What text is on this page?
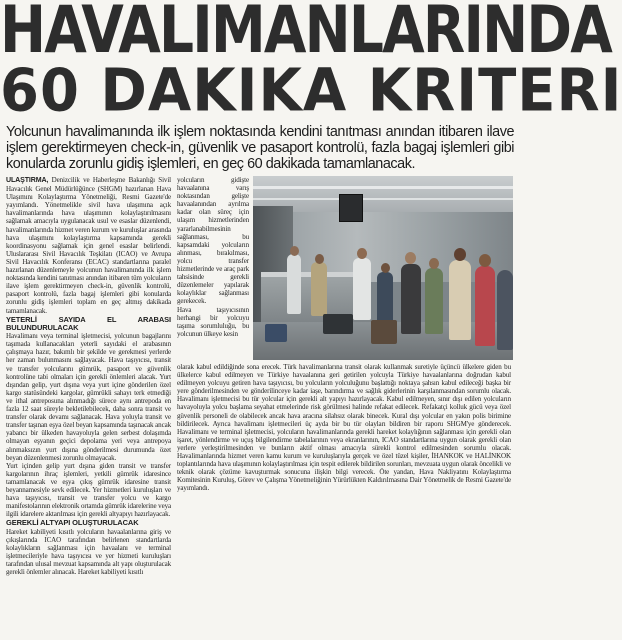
HAVALIMANLARINDA
60 DAKIKA KRITERI

Yolcunun havalimanında ilk işlem noktasında kendini tanıtması anından itibaren ilave işlem gerektirmeyen check-in, güvenlik ve pasaport kontrolü, fazla bagaj işlemleri gibi konularda zorunlu gidiş işlemleri, en geç 60 dakikada tamamlanacak.

ULAŞTIRMA, Denizcilik ve Haberleşme Bakanlığı Sivil Havacılık Genel Müdürlüğünce (SHGM) hazırlanan Hava Ulaşımını Kolaylaştırma Yönetmeliği, Resmi Gazete'de yayımlandı. Yönetmelikle sivil hava ulaşımına açık havalimanlarında hava ulaşımının kolaylaştırılmasını sağlamak amacıyla uygulanacak usul ve esaslar düzenlendi, havalimanlarında hizmet veren kurum ve kuruluşlar arasında hava ulaşımını kolaylaştırma kapsamında gerekli koordinasyonu sağlamak için genel esaslar belirlendi. Uluslararası Sivil Havacılık Teşkilatı (ICAO) ve Avrupa Sivil Havacılık Konferansı (ECAC) standartlarına paralel hazırlanan düzenlemeyle yolcunun havalimanında ilk işlem noktasında kendini tanıtması anından itibaren tüm yolcuların ilave işlem gerektirmeyen check-in, güvenlik kontrolü, pasaport kontrolü, fazla bagaj işlemleri gibi konularda zorunlu gidiş işlemleri toplam en geç altmış dakikada tamamlanacak.

YETERLİ SAYIDA EL ARABASI BULUNDURULACAK

Havalimanı veya terminal işletmecisi, yolcunun bagajlarını taşımada kullanacakları yeterli sayıdaki el arabasının çalışmaya hazır, bakımlı bir şekilde ve gerekmesi yerlerde her zaman bulunmasını sağlayacak. Hava taşıyıcısı, transit ve transfer yolcularını gümrük, pasaport ve güvenlik kontrolüne tabi olmaları için gerekli önlemleri alacak. Yurt dışından gelip, yurt dışına veya yurt içine gönderilen özel kargo statüsündeki kargolar, gümrükli sahayı terk etmediği ve ithal antreposuna alınmadığı sürece aynı antrepoda en fazla 12 saat süreyle bekletilebilecek, daha sonra transit ve transfer olarak devamı sağlanacak. Hava yoluyla transit ve transfer taşınan eşya özel beyan kapsamında taşınacak ancak yabancı bir ülkeden havayoluyla gelen serbest dolaşımda olmayan eşyanın geçici depolama yeri veya antrepoya alınmaksızın yurt dışına gönderilmesi durumunda özet beyan düzenlenmesi zorunlu olmayacak.

Yurt içinden gelip yurt dışına giden transit ve transfer kargolarının ihraç işlemleri, yetkili gümrük idaresince tamamlanacak ve eşya çıkış gümrük idaresine transit beyannamesiyle sevk edilecek. Yer hizmetleri kuruluşları ve hava taşıyıcısı, transit ve transfer yolcu ve kargo manifestolarının elektronik ortamda gümrük idarelerine veya ilgili idarelere aktarılması için gerekli altyapıyı hazırlayacak.

GEREKLİ ALTYAPI OLUŞTURULACAK

Hareket kabiliyeti kısıtlı yolcuların havaalanlarına giriş ve çıkışlarında ICAO tarafından belirlenen standartlarda kolaylıkların sağlanması için havaalanı ve terminal işletmecileriyle hava taşıyıcısı ve yer hizmeti kuruluşları tarafından ulusal mevzuat kapsamında alt yapı oluşturulacak gerekli önlemler alınacak. Hareket kabiliyeti kısıtlı

yolcuların gidişte havaalanına varış noktasından gelişte havaalanından ayrılma kadar olan süreç için ulaşım hizmetlerinden yararlanabilmesinin sağlanması, bu kapsamdaki yolcuların alınması, bırakılması, yolcu transfer hizmetlerinde ve araç park tahsisinde gerekli düzenlemeler yapılarak kolaylıklar sağlanması gerekecek.

Hava taşıyıcısının herhangi bir yolcuyu taşıma sorumluluğu, bu yolcunun ülkeye kesin

olarak kabul edildiğinde sona erecek. Türk havalimanlarına transit olarak kullanmak suretiyle üçüncü ülkelere giden bu ülkelerce kabul edilmeyen ve Türkiye havaalanına geri getirilen yolcuyla Türkiye havaalanlarına doğrudan kabul edilmeyen yolcuyu getiren hava taşıyıcısı, bu yolcuların yolculuğunu başlattığı noktaya şahsın kabul edileceği başka bir yere gönderilmesinden ve gönderilinceye kadar iaşe, barındırma ve sağlık giderlerinin karşılanmasından sorumlu olacak. Havalimanı işletmecisi bu tür yolcular için gerekli alt yapıyı hazırlayacak. Kabul edilmeyen, sınır dışı edilen yolcuların havayoluyla yolcu başlama seyahat etmelerinde risk görülmesi halinde refakat edilecek. Refakatçi kolluk gücü veya özel güvenlik personeli de olabilecek ancak hava aracına silahsız olarak binecek. Kural dışı yolcular en yakın polis birimine bildirilecek. Ayrıca havalimanı işletmecileri üç ayda bir bu tür olayları bildiren bir raporu SHGM'ye gönderecek. Havalimanı ve terminal işletmecisi, yolcuların havalimanlarında gerekli hareket kolaylığının sağlanması için gerekli olan işaret, yönlendirme ve uçuş bilgilendirme tabelalarının veya ekranlarının, ICAO standartlarına uygun olarak gerekli olan yerlere yerleştirilmesinden ve bunların aktif olması amacıyla sürekli kontrol edilmesinden sorumlu olacak. Havalimanlarında hizmet veren kamu kurum ve kuruluşlarıyla gerçek ve özel tüzel kişiler, İHANKOK ve HALİNKOK toplantılarında hava ulaşımının kolaylaştırılması için tespit edilerek bildirilen sorunları, mevzuata uygun olarak öncelikli ve teknik olarak çözüme kavuşturmak sonucuna ilişkin bilgi verecek. Öte yandan, Hava Nakliyatını Kolaylaştırma Komitesinin Kuruluş, Görev ve Çalışma Yönetmeliğinin Yürürlükten Kaldırılmasına Dair Yönetmelik de Resmi Gazete'de yayımlandı.
